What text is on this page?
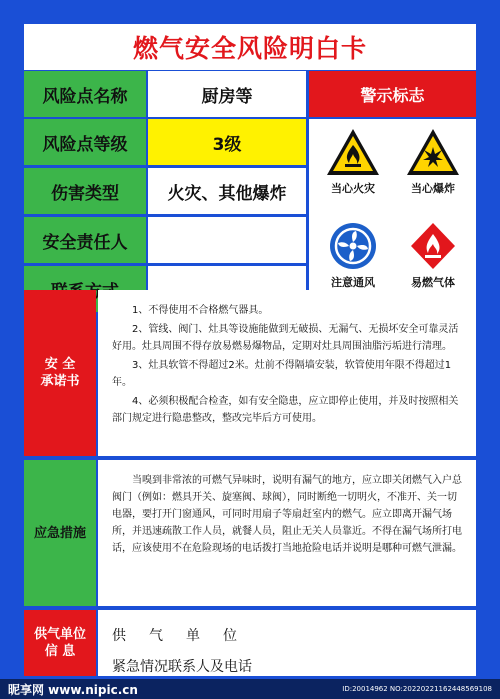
燃气安全风险明白卡
风险点名称	厨房等
风险点等级	3级
伤害类型	火灾、其他爆炸
安全责任人
警示标志
当心火灾	当心爆炸
注意通风	易燃气体
安 全
承诺书

1、不得使用不合格燃气器具。

2、管线、阀门、灶具等设施能做到无破损、无漏气、无损坏安全可靠灵活好用。灶具周围不得存放易燃易爆物品，定期对灶具周围油脂污垢进行清理。

3、灶具软管不得超过2米。灶前不得隔墙安装，软管使用年限不得超过1年。

4、必须积极配合检查，如有安全隐患，应立即停止使用，并及时按照相关部门规定进行隐患整改，整改完毕后方可使用。

应急措施

当嗅到非常浓的可燃气异味时，说明有漏气的地方，应立即关闭燃气入户总阀门（例如：燃具开关、旋塞阀、球阀），同时断绝一切明火，不准开、关一切电器，要打开门窗通风，可同时用扇子等扇赶室内的燃气。应立即离开漏气场所，并迅速疏散工作人员，就餐人员，阻止无关人员靠近。不得在漏气场所打电话，应该使用不在危险现场的电话拨打当地抢险电话并说明是哪种可燃气泄漏。

供气单位
信 息
供气单位
紧急情况联系人及电话
昵享网 www.nipic.cn	ID:20014962 NO:20220221162448569108
